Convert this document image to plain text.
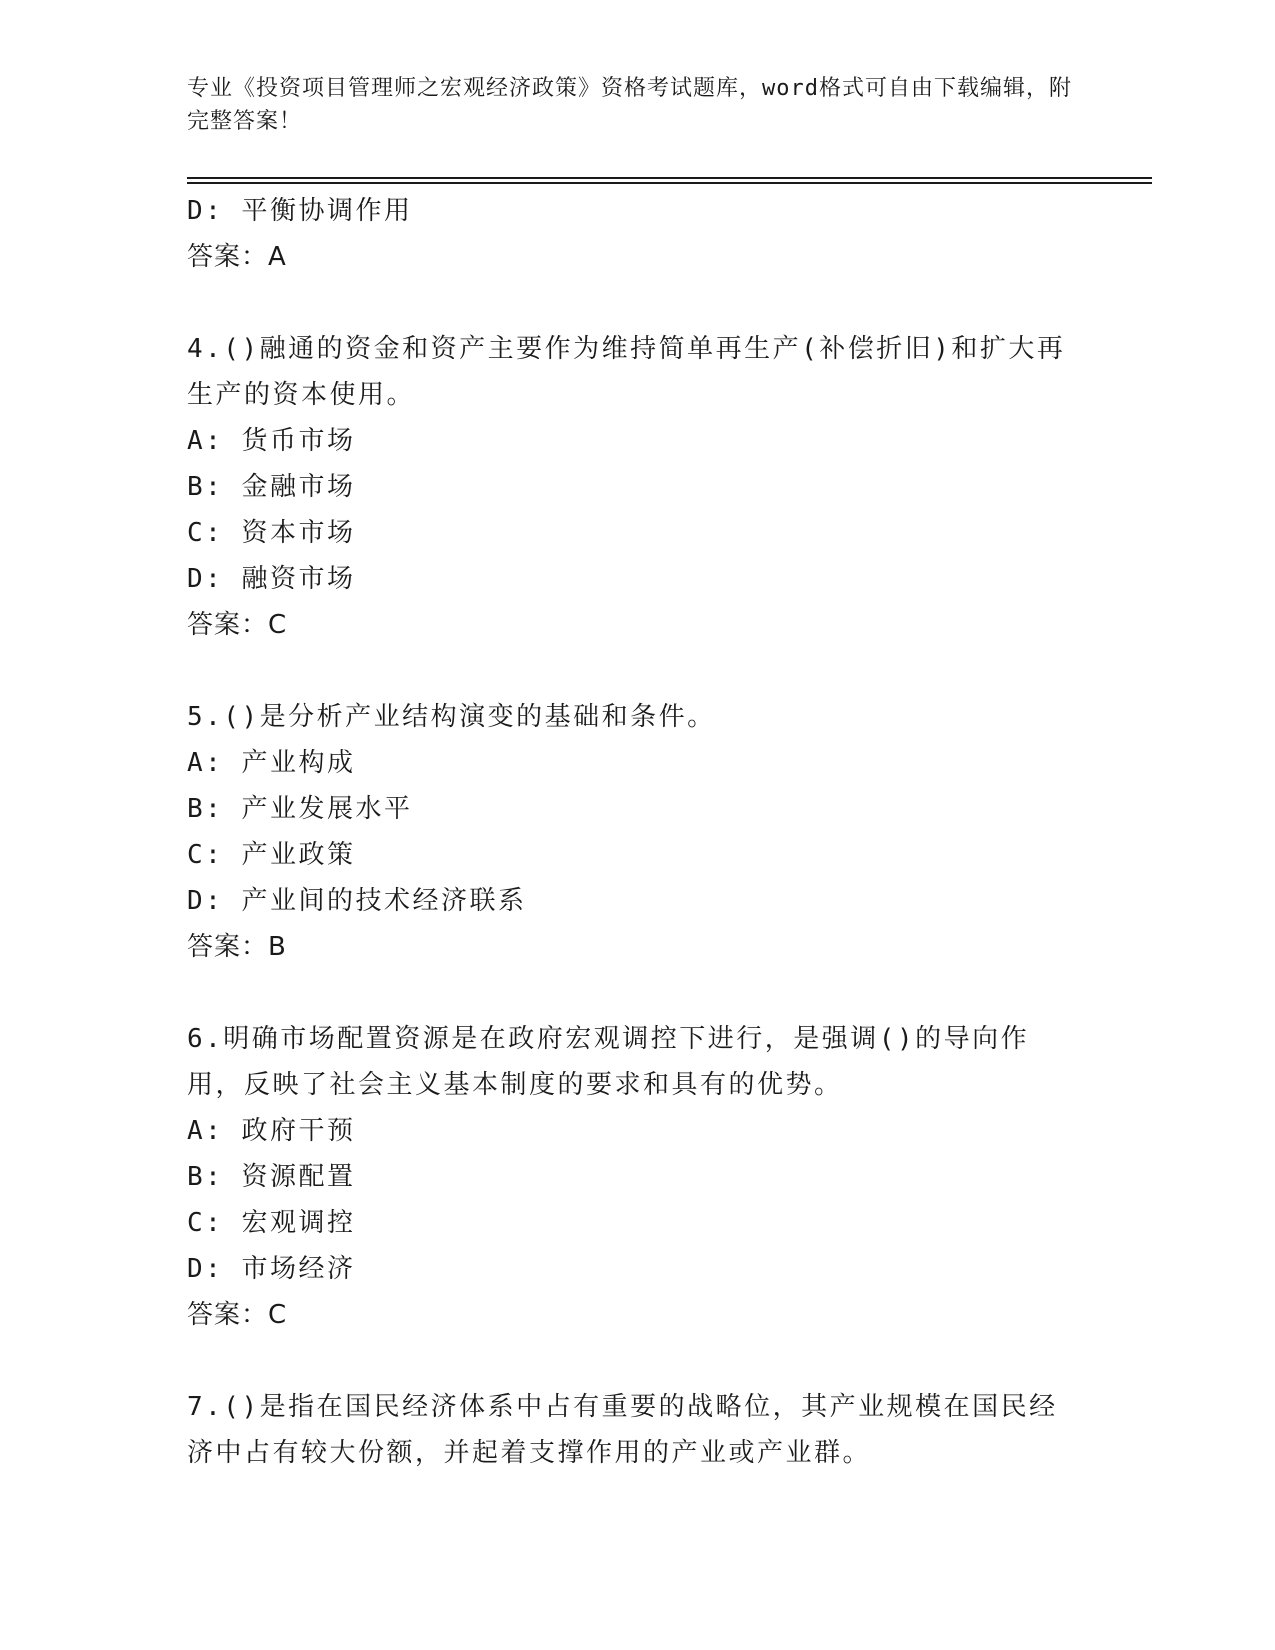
专业《投资项目管理师之宏观经济政策》资格考试题库，word格式可自由下载编辑，附完整答案！
D: 平衡协调作用
答案：A
4.()融通的资金和资产主要作为维持简单再生产(补偿折旧)和扩大再生产的资本使用。
A: 货币市场
B: 金融市场
C: 资本市场
D: 融资市场
答案：C
5.()是分析产业结构演变的基础和条件。
A: 产业构成
B: 产业发展水平
C: 产业政策
D: 产业间的技术经济联系
答案：B
6.明确市场配置资源是在政府宏观调控下进行，是强调()的导向作用，反映了社会主义基本制度的要求和具有的优势。
A: 政府干预
B: 资源配置
C: 宏观调控
D: 市场经济
答案：C
7.()是指在国民经济体系中占有重要的战略位，其产业规模在国民经济中占有较大份额，并起着支撑作用的产业或产业群。
